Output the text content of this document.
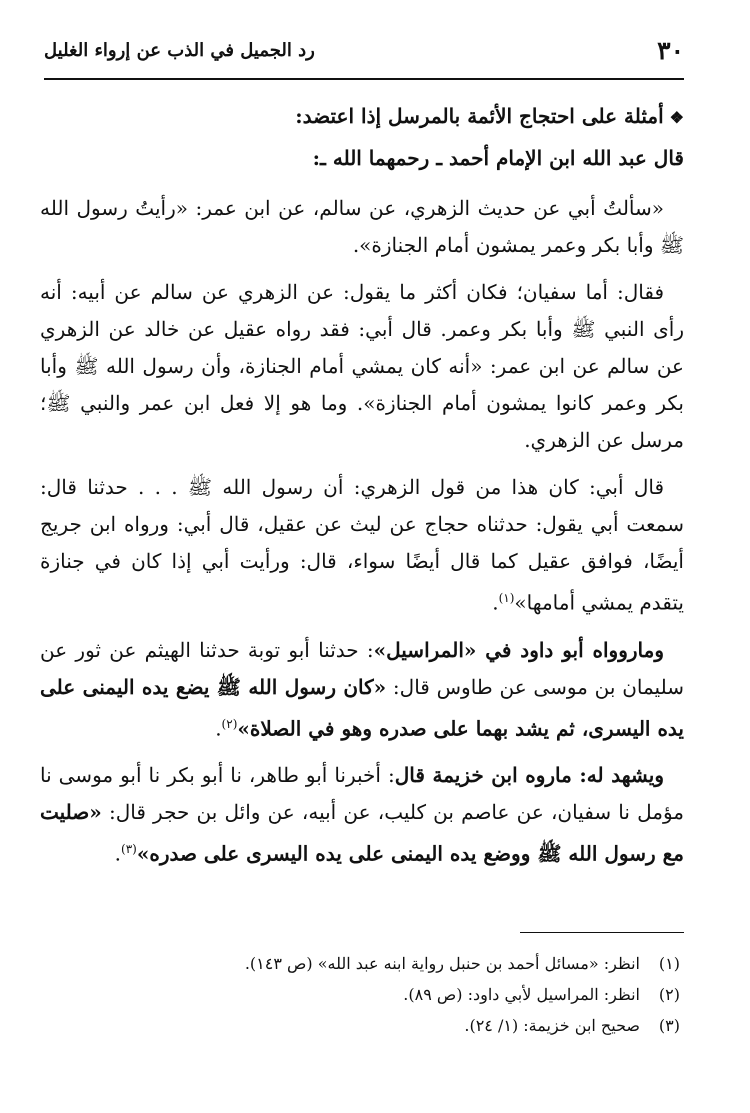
٣٠
رد الجميل في الذب عن إرواء الغليل
❖أمثلة على احتجاج الأئمة بالمرسل إذا اعتضد:
قال عبد الله ابن الإمام أحمد ـ رحمهما الله ـ:

«سألتُ أبي عن حديث الزهري، عن سالم، عن ابن عمر: «رأيتُ رسول الله ﷺ وأبا بكر وعمر يمشون أمام الجنازة».

فقال: أما سفيان؛ فكان أكثر ما يقول: عن الزهري عن سالم عن أبيه: أنه رأى النبي ﷺ وأبا بكر وعمر. قال أبي: فقد رواه عقيل عن خالد عن الزهري عن سالم عن ابن عمر: «أنه كان يمشي أمام الجنازة، وأن رسول الله ﷺ وأبا بكر وعمر كانوا يمشون أمام الجنازة». وما هو إلا فعل ابن عمر والنبي ﷺ؛ مرسل عن الزهري.

قال أبي: كان هذا من قول الزهري: أن رسول الله ﷺ . . . حدثنا قال: سمعت أبي يقول: حدثناه حجاج عن ليث عن عقيل، قال أبي: ورواه ابن جريج أيضًا، فوافق عقيل كما قال أيضًا سواء، قال: ورأيت أبي إذا كان في جنازة يتقدم يمشي أمامها»$^{(١)}$.

وماروواه أبو داود في «المراسيل»: حدثنا أبو توبة حدثنا الهيثم عن ثور عن سليمان بن موسى عن طاوس قال: «كان رسول الله ﷺ يضع يده اليمنى على يده اليسرى، ثم يشد بهما على صدره وهو في الصلاة»$^{(٢)}$.

ويشهد له: ماروه ابن خزيمة قال: أخبرنا أبو طاهر، نا أبو بكر نا أبو موسى نا مؤمل نا سفيان، عن عاصم بن كليب، عن أبيه، عن وائل بن حجر قال: «صليت مع رسول الله ﷺ ووضع يده اليمنى على يده اليسرى على صدره»$^{(٣)}$.

(١)انظر: «مسائل أحمد بن حنبل رواية ابنه عبد الله» (ص ١٤٣).
(٢)انظر: المراسيل لأبي داود: (ص ٨٩).
(٣)صحيح ابن خزيمة: (١/ ٢٤).
